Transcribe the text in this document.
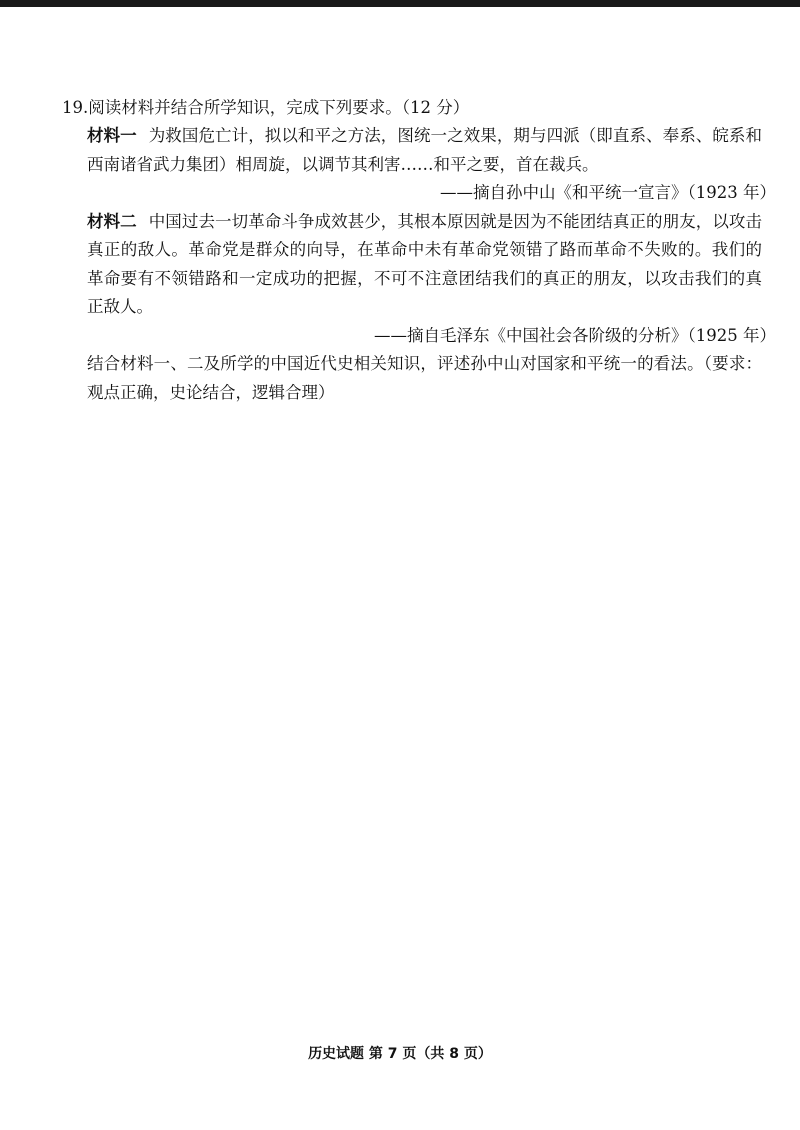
19.阅读材料并结合所学知识，完成下列要求。（12 分）

材料一 为救国危亡计，拟以和平之方法，图统一之效果，期与四派（即直系、奉系、皖系和西南诸省武力集团）相周旋，以调节其利害……和平之要，首在裁兵。

——摘自孙中山《和平统一宣言》（1923 年）

材料二 中国过去一切革命斗争成效甚少，其根本原因就是因为不能团结真正的朋友，以攻击真正的敌人。革命党是群众的向导，在革命中未有革命党领错了路而革命不失败的。我们的革命要有不领错路和一定成功的把握，不可不注意团结我们的真正的朋友，以攻击我们的真正敌人。

——摘自毛泽东《中国社会各阶级的分析》（1925 年）

结合材料一、二及所学的中国近代史相关知识，评述孙中山对国家和平统一的看法。（要求：观点正确，史论结合，逻辑合理）

历史试题 第 7 页（共 8 页）
